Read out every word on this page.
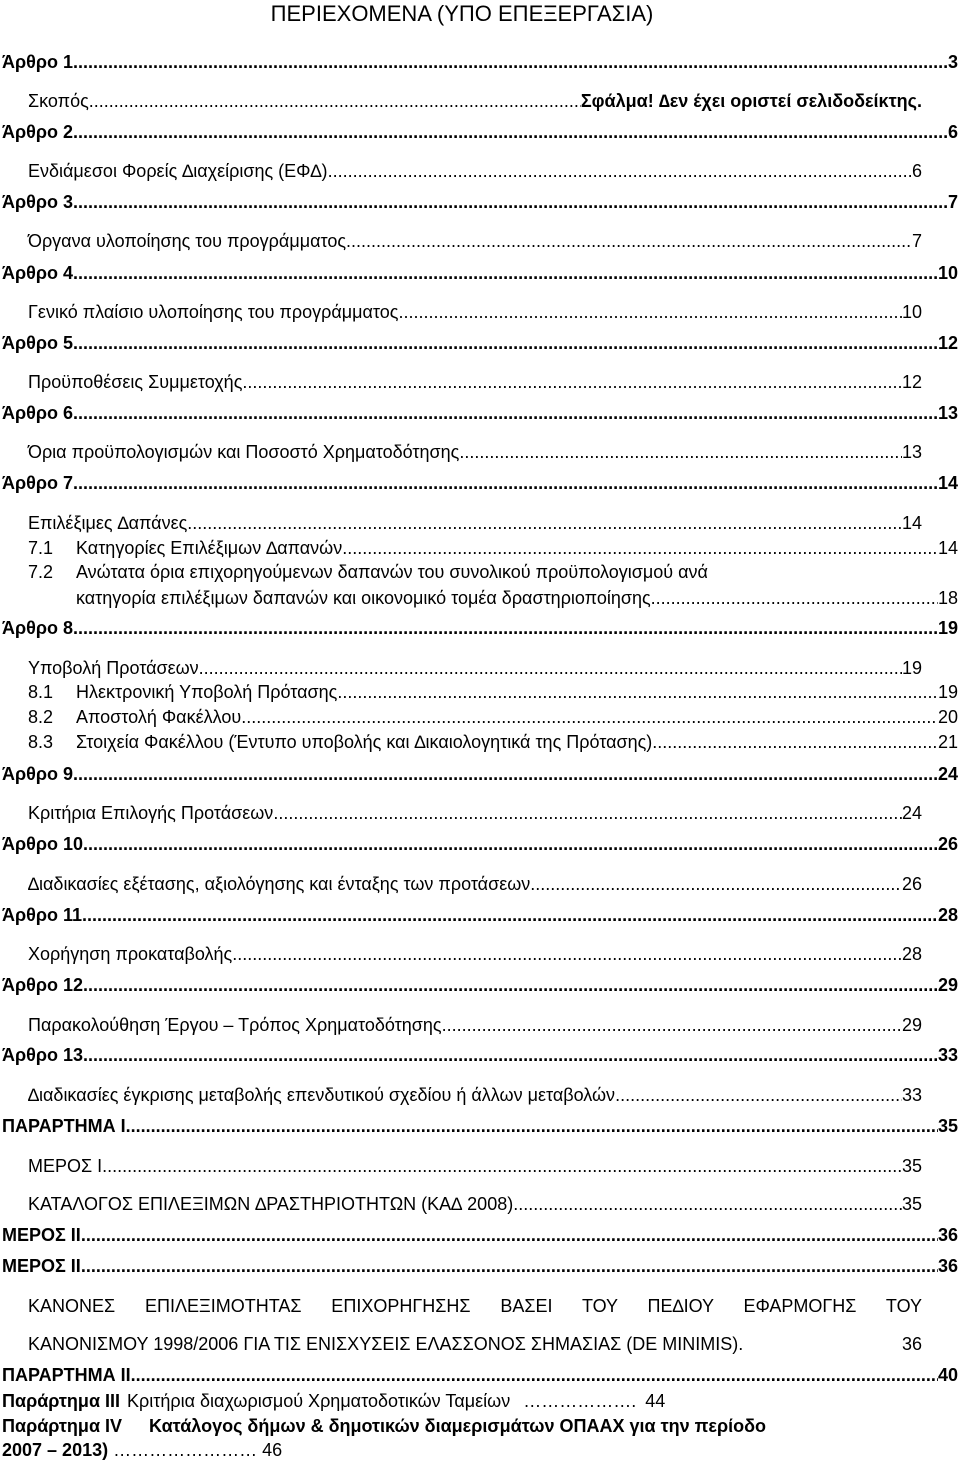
ΠΕΡΙΕΧΟΜΕΝΑ (ΥΠΟ ΕΠΕΞΕΡΓΑΣΙΑ)
Άρθρο 1 .....	3
Σκοπός .....	Σφάλμα! ∆εν έχει οριστεί σελιδοδείκτης.
Άρθρο 2 .....	6
Ενδιάμεσοι Φορείς ∆ιαχείρισης (ΕΦ∆) .....	6
Άρθρο 3 .....	7
Όργανα υλοποίησης του προγράμματος .....	7
Άρθρο 4 .....	10
Γενικό πλαίσιο υλοποίησης του προγράμματος .....	10
Άρθρο 5 .....	12
Προϋποθέσεις Συμμετοχής .....	12
Άρθρο 6 .....	13
Όρια προϋπολογισμών και Ποσοστό Χρηματοδότησης .....	13
Άρθρο 7 .....	14
Επιλέξιμες ∆απάνες .....	14
7.1 Κατηγορίες Επιλέξιμων ∆απανών .....	14
7.2 Ανώτατα όρια επιχορηγούμενων δαπανών του συνολικού προϋπολογισμού ανά
κατηγορία επιλέξιμων δαπανών και οικονομικό τομέα δραστηριοποίησης .....	18
Άρθρο 8 .....	19
Υποβολή Προτάσεων .....	19
8.1 Ηλεκτρονική Υποβολή Πρότασης .....	19
8.2 Αποστολή Φακέλλου .....	20
8.3 Στοιχεία Φακέλλου (Έντυπο υποβολής και ∆ικαιολογητικά της Πρότασης) .....	21
Άρθρο 9 .....	24
Κριτήρια Επιλογής Προτάσεων .....	24
Άρθρο 10 .....	26
∆ιαδικασίες εξέτασης, αξιολόγησης και ένταξης των προτάσεων .....	26
Άρθρο 11 .....	28
Χορήγηση προκαταβολής .....	28
Άρθρο 12 .....	29
Παρακολούθηση Έργου – Τρόπος Χρηματοδότησης .....	29
Άρθρο 13 .....	33
∆ιαδικασίες έγκρισης μεταβολής επενδυτικού σχεδίου ή άλλων μεταβολών .....	33
ΠΑΡΑΡΤΗΜΑ Ι .....	35
ΜΕΡΟΣ Ι .....	35
ΚΑΤΑΛΟΓΟΣ ΕΠΙΛΕΞΙΜΩΝ ∆ΡΑΣΤΗΡΙΟΤΗΤΩΝ (ΚΑ∆ 2008) .....	35
ΜΕΡΟΣ ΙΙ .....	36
ΜΕΡΟΣ ΙΙ .....	36
ΚΑΝΟΝΕΣ ΕΠΙΛΕΞΙΜΟΤΗΤΑΣ ΕΠΙΧΟΡΗΓΗΣΗΣ ΒΑΣΕΙ ΤΟΥ ΠΕ∆ΙΟΥ ΕΦΑΡΜΟΓΗΣ ΤΟΥ
ΚΑΝΟΝΙΣΜΟΥ 1998/2006 ΓΙΑ ΤΙΣ ΕΝΙΣΧΥΣΕΙΣ ΕΛΑΣΣΟΝΟΣ ΣΗΜΑΣΙΑΣ (DE MINIMIS).	36
ΠΑΡΑΡΤΗΜΑ ΙΙ .....	40
Παράρτημα ΙΙΙ Κριτήρια διαχωρισμού Χρηματοδοτικών Ταμείων ………………. 44
Παράρτημα ΙV Κατάλογος δήμων & δημοτικών διαμερισμάτων ΟΠΑΑΧ για την περίοδο
2007 – 2013) …………………… 46
